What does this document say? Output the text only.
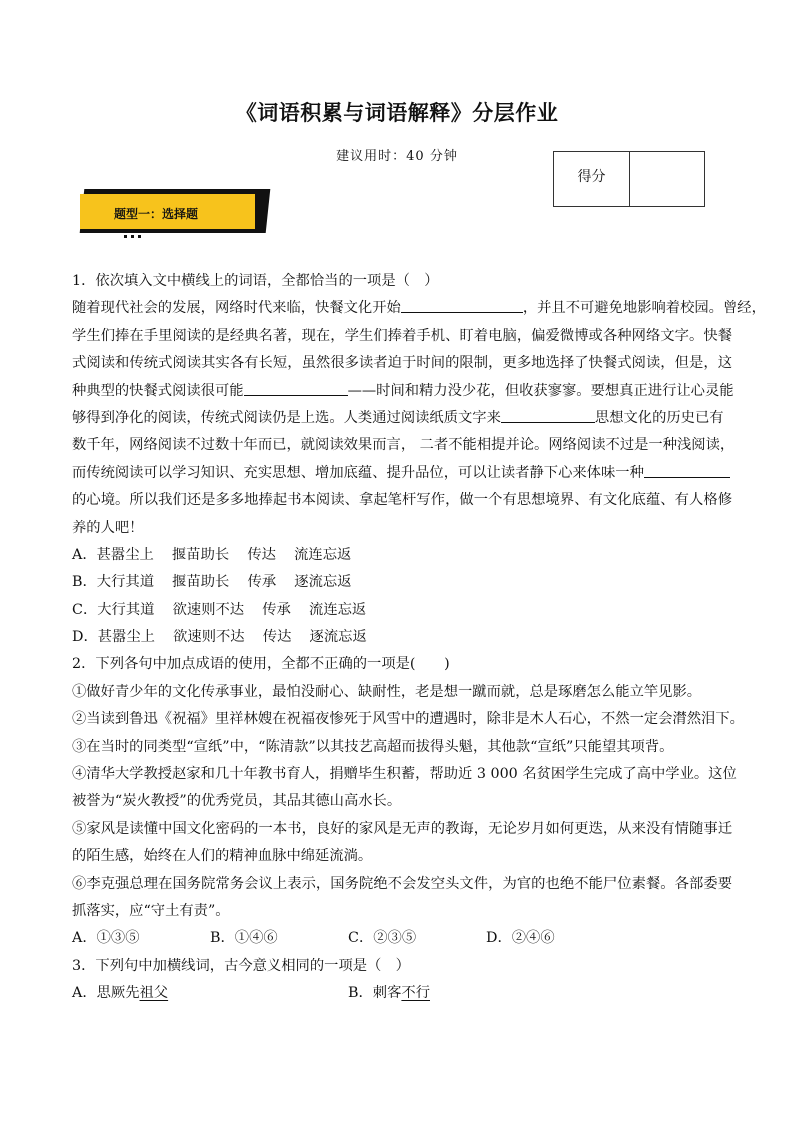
《词语积累与词语解释》分层作业
建议用时：40 分钟
得分
题型一：选择题
1．依次填入文中横线上的词语，全都恰当的一项是（　）
随着现代社会的发展，网络时代来临，快餐文化开始	，并且不可避免地影响着校园。曾经，
学生们捧在手里阅读的是经典名著，现在，学生们捧着手机、盯着电脑，偏爱微博或各种网络文字。快餐
式阅读和传统式阅读其实各有长短，虽然很多读者迫于时间的限制，更多地选择了快餐式阅读，但是，这
种典型的快餐式阅读很可能	——时间和精力没少花，但收获寥寥。要想真正进行让心灵能
够得到净化的阅读，传统式阅读仍是上选。人类通过阅读纸质文字来	思想文化的历史已有
数千年，网络阅读不过数十年而已，就阅读效果而言， 二者不能相提并论。网络阅读不过是一种浅阅读，
而传统阅读可以学习知识、充实思想、增加底蕴、提升品位，可以让读者静下心来体味一种
的心境。所以我们还是多多地捧起书本阅读、拿起笔杆写作，做一个有思想境界、有文化底蕴、有人格修
养的人吧！
A．甚嚣尘上    揠苗助长    传达    流连忘返
B．大行其道    揠苗助长    传承    逐流忘返
C．大行其道    欲速则不达    传承    流连忘返
D．甚嚣尘上    欲速则不达    传达    逐流忘返
2．下列各句中加点成语的使用，全都不正确的一项是(　　)
①做好青少年的文化传承事业，最怕没耐心、缺耐性，老是想一蹴而就，总是琢磨怎么能立竿见影。
②当读到鲁迅《祝福》里祥林嫂在祝福夜惨死于风雪中的遭遇时，除非是木人石心，不然一定会潸然泪下。
③在当时的同类型“宣纸”中，“陈清款”以其技艺高超而拔得头魁，其他款“宣纸”只能望其项背。
④清华大学教授赵家和几十年教书育人，捐赠毕生积蓄，帮助近 3 000 名贫困学生完成了高中学业。这位
被誉为“炭火教授”的优秀党员，其品其德山高水长。
⑤家风是读懂中国文化密码的一本书，良好的家风是无声的教诲，无论岁月如何更迭，从来没有情随事迁
的陌生感，始终在人们的精神血脉中绵延流淌。
⑥李克强总理在国务院常务会议上表示，国务院绝不会发空头文件，为官的也绝不能尸位素餐。各部委要
抓落实，应“守土有责”。
A．①③⑤	B．①④⑥	C．②③⑤	D．②④⑥
3．下列句中加横线词，古今意义相同的一项是（　）
A．思厥先祖父	B．刺客不行
